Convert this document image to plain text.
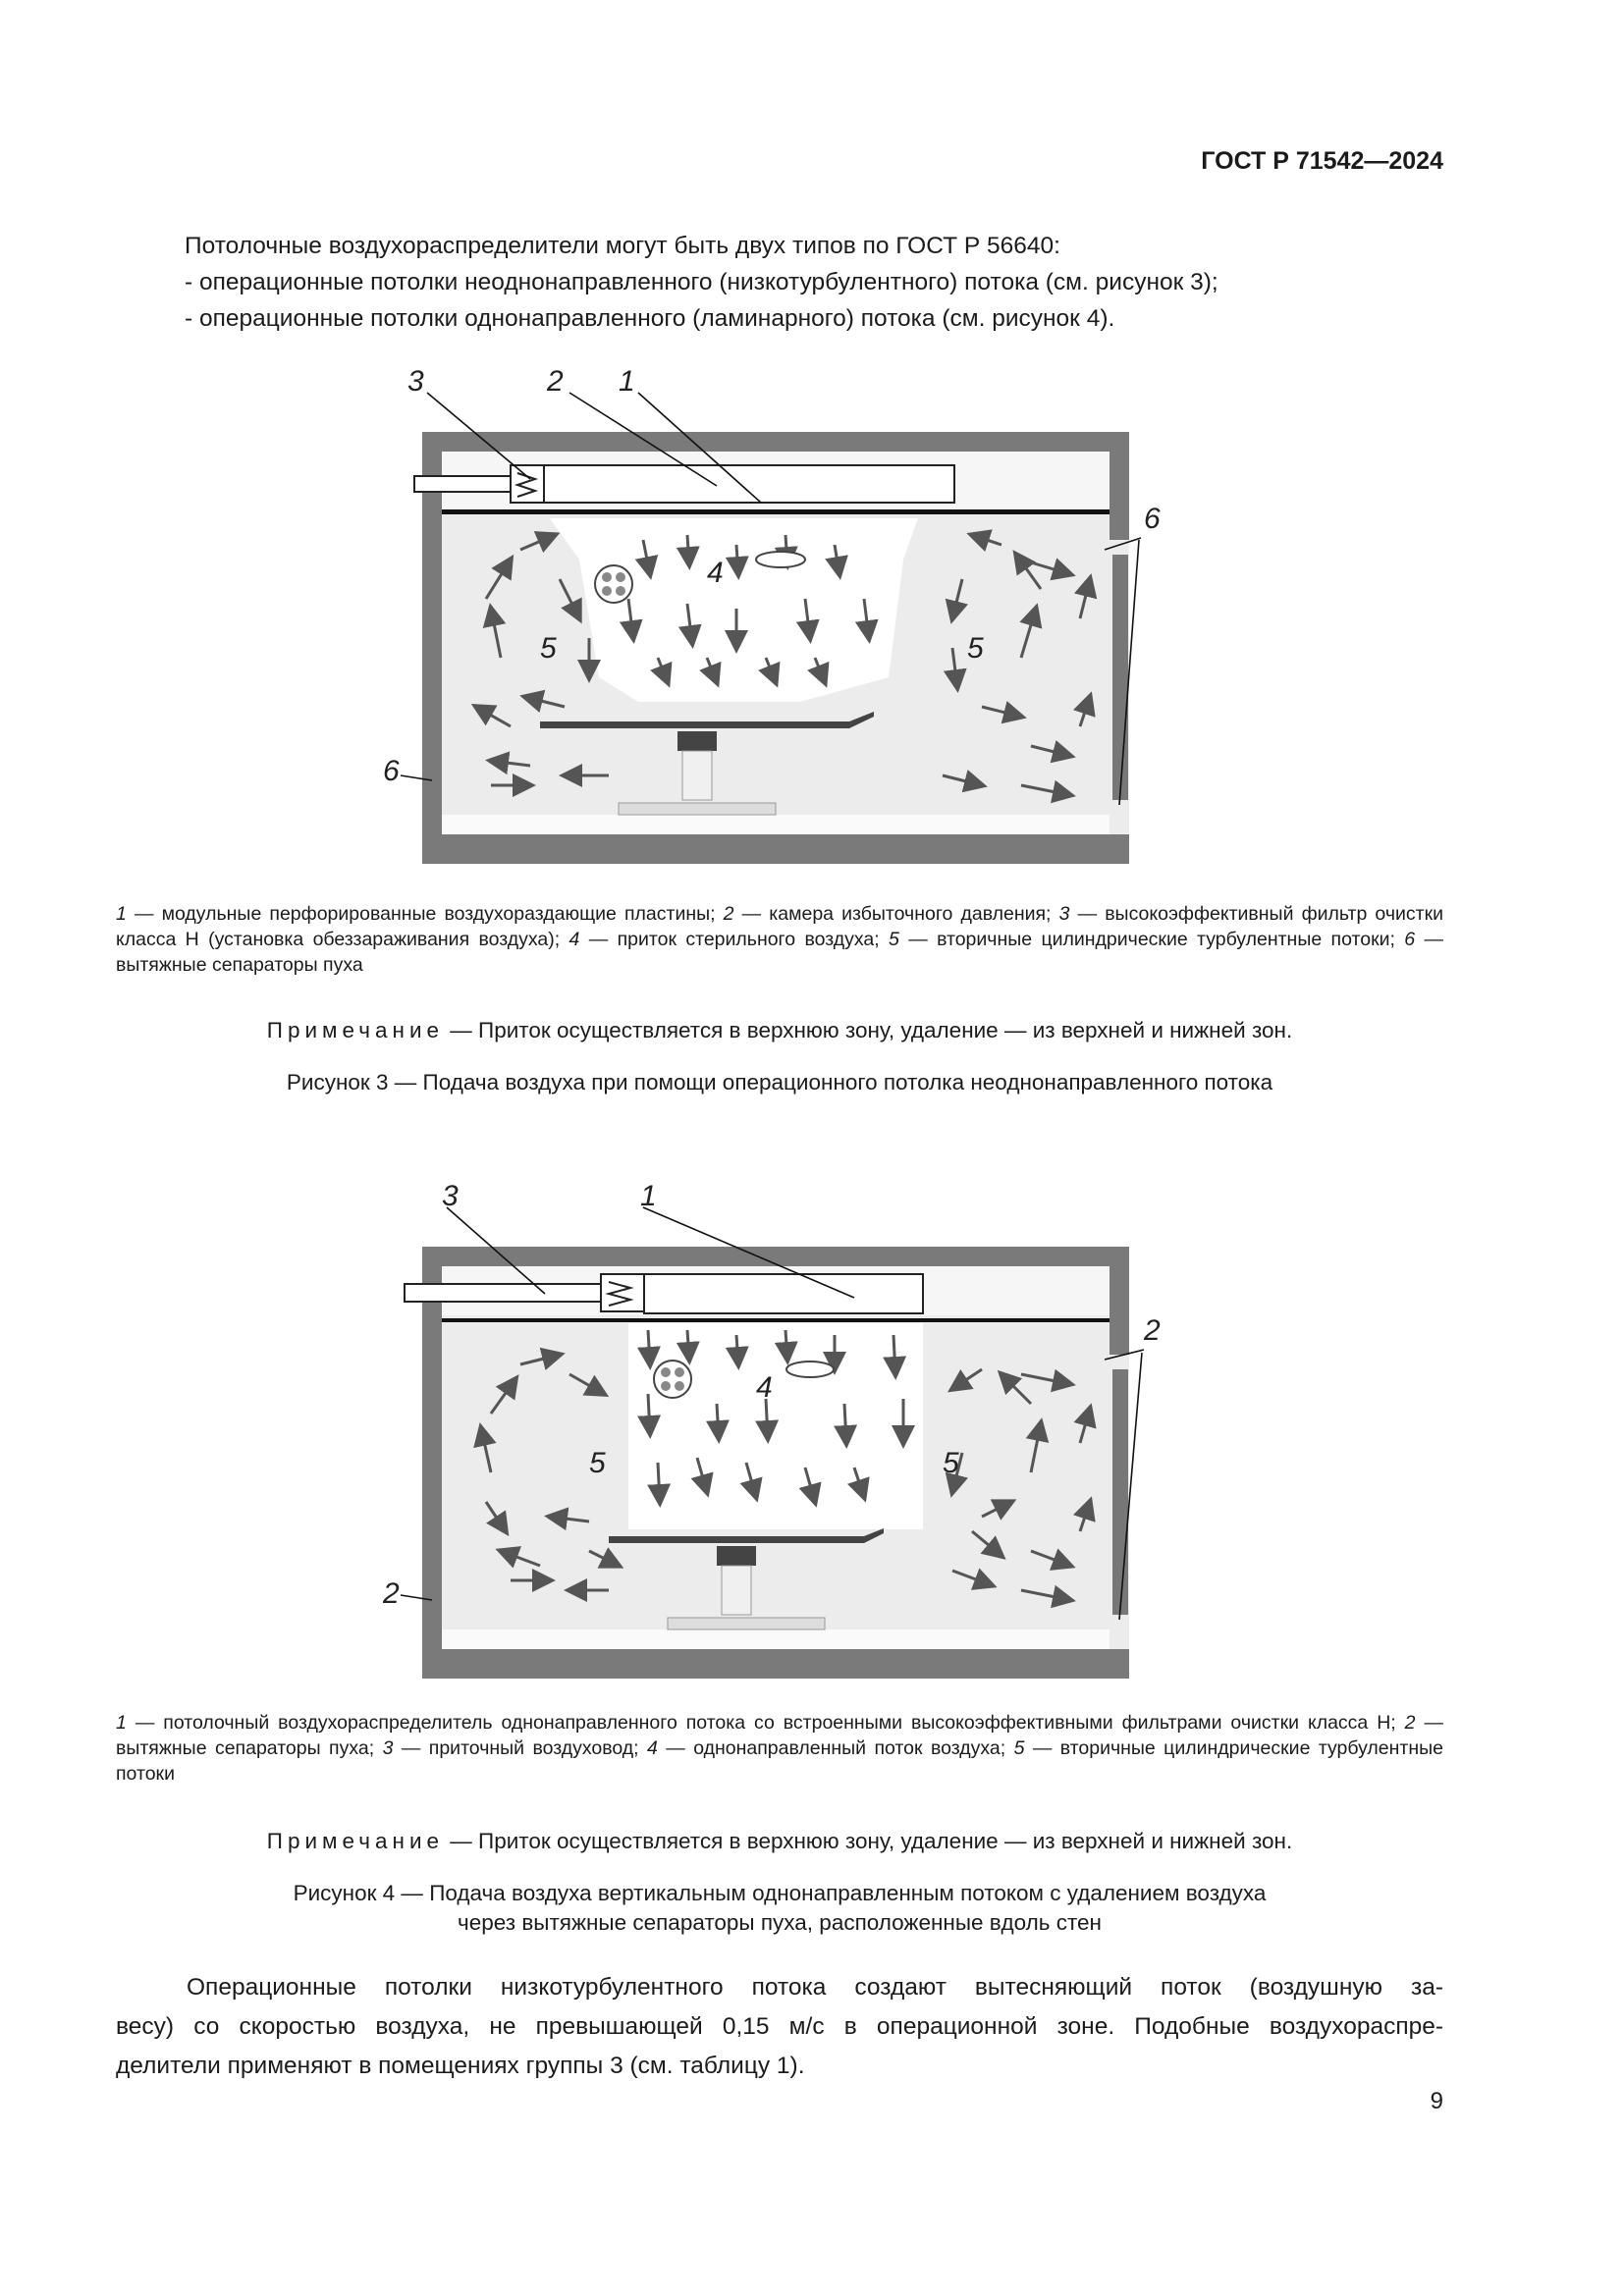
ГОСТ Р 71542—2024
Потолочные воздухораспределители могут быть двух типов по ГОСТ Р 56640:
- операционные потолки неоднонаправленного (низкотурбулентного) потока (см. рисунок 3);
- операционные потолки однонаправленного (ламинарного) потока (см. рисунок 4).
3	2 1
4
5	5
6
6
1 — модульные перфорированные воздухораздающие пластины; 2 — камера избыточного давления; 3 — высокоэффективный фильтр очистки класса Н (установка обеззараживания воздуха); 4 — приток стерильного воздуха; 5 — вторичные цилиндрические турбулентные потоки; 6 — вытяжные сепараторы пуха
Примечание — Приток осуществляется в верхнюю зону, удаление — из верхней и нижней зон.
Рисунок 3 — Подача воздуха при помощи операционного потолка неоднонаправленного потока
3	1
4
5	5
2
2
1 — потолочный воздухораспределитель однонаправленного потока со встроенными высокоэффективными фильтрами очистки класса Н; 2 — вытяжные сепараторы пуха; 3 — приточный воздуховод; 4 — однонаправленный поток воздуха; 5 — вторичные цилиндрические турбулентные потоки
Примечание — Приток осуществляется в верхнюю зону, удаление — из верхней и нижней зон.
Рисунок 4 — Подача воздуха вертикальным однонаправленным потоком с удалением воздуха
через вытяжные сепараторы пуха, расположенные вдоль стен
Операционные потолки низкотурбулентного потока создают вытесняющий поток (воздушную за-
весу) со скоростью воздуха, не превышающей 0,15 м/с в операционной зоне. Подобные воздухораспре-
делители применяют в помещениях группы 3 (см. таблицу 1).
9
